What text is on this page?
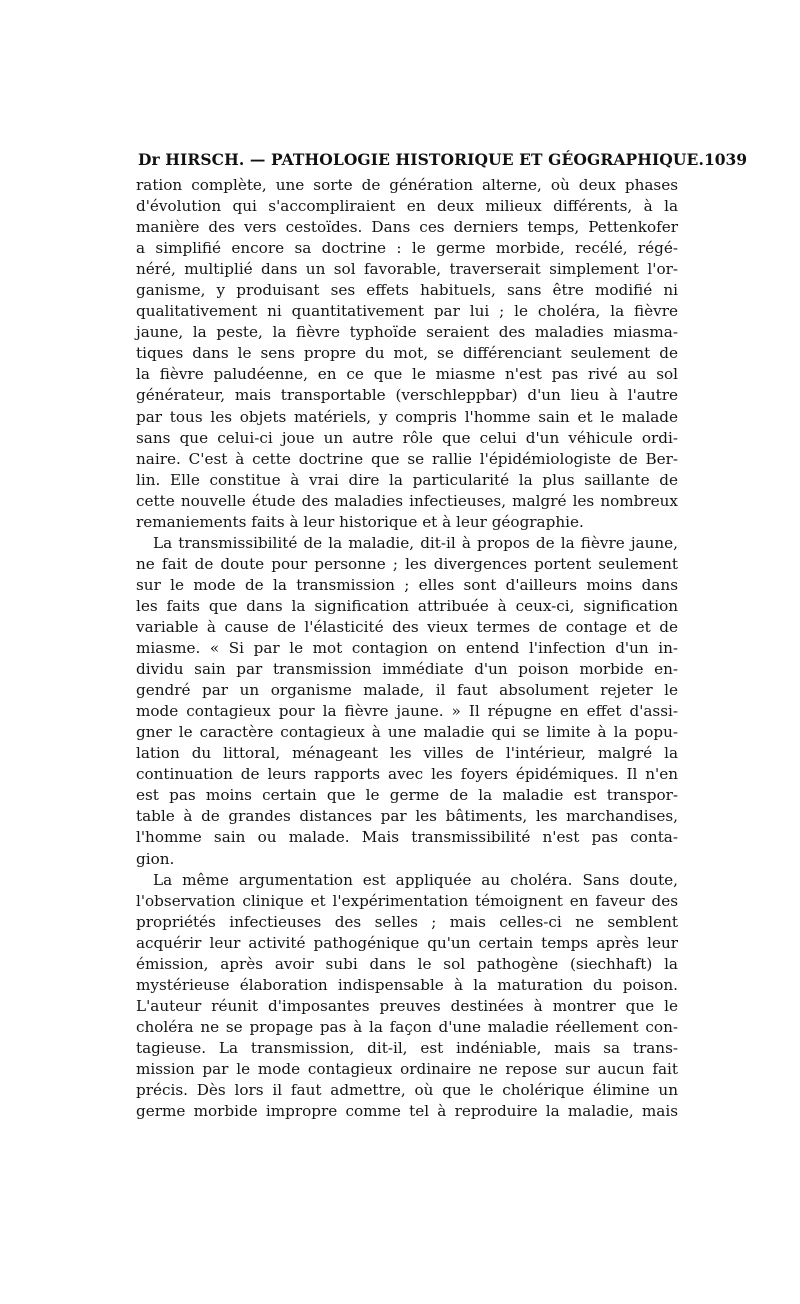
Dr HIRSCH. — PATHOLOGIE HISTORIQUE ET GÉOGRAPHIQUE. 1039
ration complète, une sorte de génération alterne, où deux phases
d'évolution qui s'accompliraient en deux milieux différents, à la
manière des vers cestoïdes. Dans ces derniers temps, Pettenkofer
a simplifié encore sa doctrine : le germe morbide, recélé, régé-
néré, multiplié dans un sol favorable, traverserait simplement l'or-
ganisme, y produisant ses effets habituels, sans être modifié ni
qualitativement ni quantitativement par lui ; le choléra, la fièvre
jaune, la peste, la fièvre typhoïde seraient des maladies miasma-
tiques dans le sens propre du mot, se différenciant seulement de
la fièvre paludéenne, en ce que le miasme n'est pas rivé au sol
générateur, mais transportable (verschleppbar) d'un lieu à l'autre
par tous les objets matériels, y compris l'homme sain et le malade
sans que celui-ci joue un autre rôle que celui d'un véhicule ordi-
naire. C'est à cette doctrine que se rallie l'épidémiologiste de Ber-
lin. Elle constitue à vrai dire la particularité la plus saillante de
cette nouvelle étude des maladies infectieuses, malgré les nombreux
remaniements faits à leur historique et à leur géographie.
La transmissibilité de la maladie, dit-il à propos de la fièvre jaune,
ne fait de doute pour personne ; les divergences portent seulement
sur le mode de la transmission ; elles sont d'ailleurs moins dans
les faits que dans la signification attribuée à ceux-ci, signification
variable à cause de l'élasticité des vieux termes de contage et de
miasme. « Si par le mot contagion on entend l'infection d'un in-
dividu sain par transmission immédiate d'un poison morbide en-
gendré par un organisme malade, il faut absolument rejeter le
mode contagieux pour la fièvre jaune. » Il répugne en effet d'assi-
gner le caractère contagieux à une maladie qui se limite à la popu-
lation du littoral, ménageant les villes de l'intérieur, malgré la
continuation de leurs rapports avec les foyers épidémiques. Il n'en
est pas moins certain que le germe de la maladie est transpor-
table à de grandes distances par les bâtiments, les marchandises,
l'homme sain ou malade. Mais transmissibilité n'est pas conta-
gion.
La même argumentation est appliquée au choléra. Sans doute,
l'observation clinique et l'expérimentation témoignent en faveur des
propriétés infectieuses des selles ; mais celles-ci ne semblent
acquérir leur activité pathogénique qu'un certain temps après leur
émission, après avoir subi dans le sol pathogène (siechhaft) la
mystérieuse élaboration indispensable à la maturation du poison.
L'auteur réunit d'imposantes preuves destinées à montrer que le
choléra ne se propage pas à la façon d'une maladie réellement con-
tagieuse. La transmission, dit-il, est indéniable, mais sa trans-
mission par le mode contagieux ordinaire ne repose sur aucun fait
précis. Dès lors il faut admettre, où que le cholérique élimine un
germe morbide impropre comme tel à reproduire la maladie, mais
